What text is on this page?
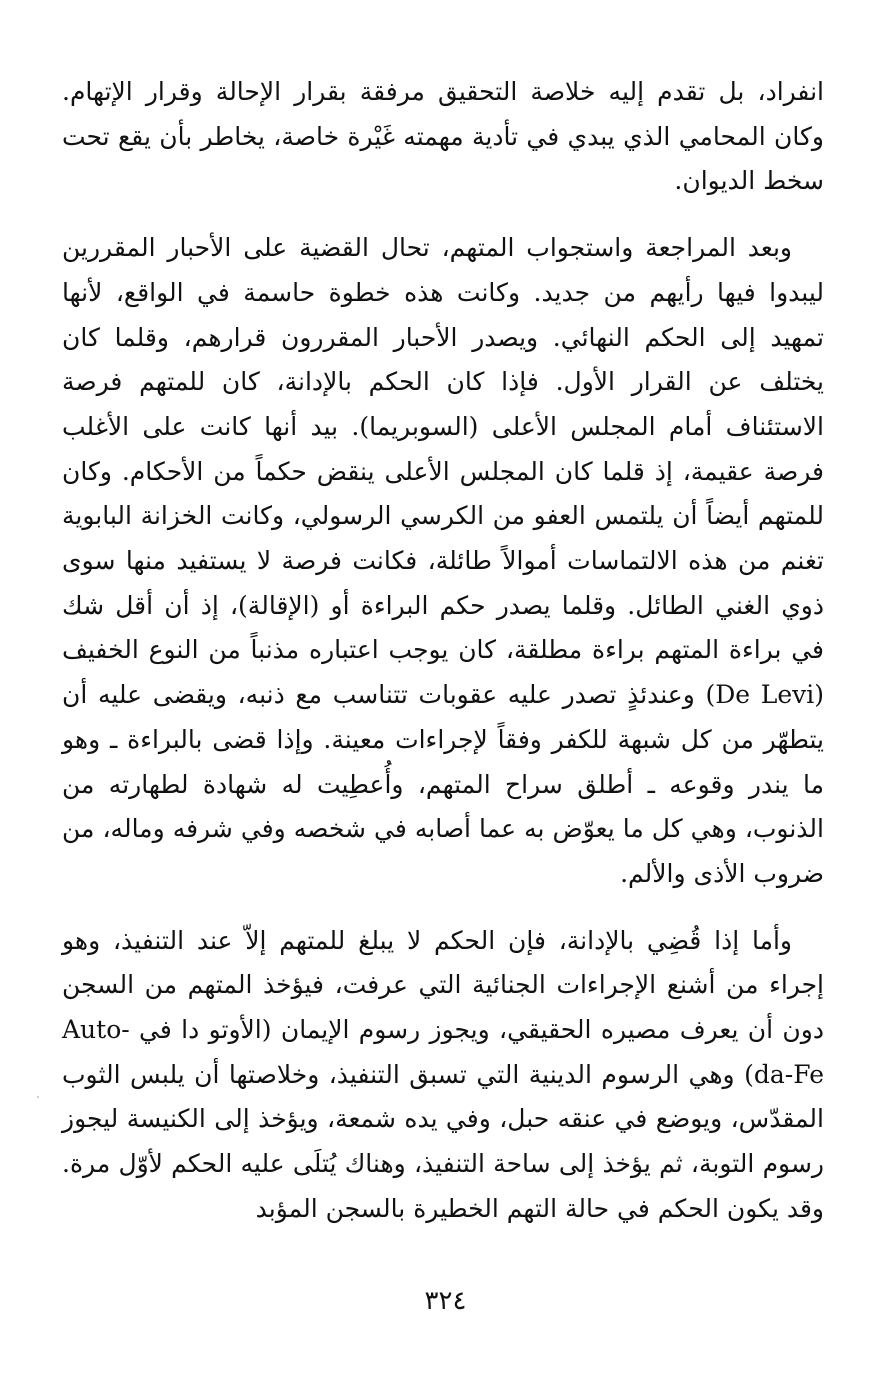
انفراد، بل تقدم إليه خلاصة التحقيق مرفقة بقرار الإحالة وقرار الإتهام. وكان المحامي الذي يبدي في تأدية مهمته غَيْرة خاصة، يخاطر بأن يقع تحت سخط الديوان.

وبعد المراجعة واستجواب المتهم، تحال القضية على الأحبار المقررين ليبدوا فيها رأيهم من جديد. وكانت هذه خطوة حاسمة في الواقع، لأنها تمهيد إلى الحكم النهائي. ويصدر الأحبار المقررون قرارهم، وقلما كان يختلف عن القرار الأول. فإذا كان الحكم بالإدانة، كان للمتهم فرصة الاستئناف أمام المجلس الأعلى (السوبريما). بيد أنها كانت على الأغلب فرصة عقيمة، إذ قلما كان المجلس الأعلى ينقض حكماً من الأحكام. وكان للمتهم أيضاً أن يلتمس العفو من الكرسي الرسولي، وكانت الخزانة البابوية تغنم من هذه الالتماسات أموالاً طائلة، فكانت فرصة لا يستفيد منها سوى ذوي الغني الطائل. وقلما يصدر حكم البراءة أو (الإقالة)، إذ أن أقل شك في براءة المتهم براءة مطلقة، كان يوجب اعتباره مذنباً من النوع الخفيف (De Levi) وعندئذٍ تصدر عليه عقوبات تتناسب مع ذنبه، ويقضى عليه أن يتطهّر من كل شبهة للكفر وفقاً لإجراءات معينة. وإذا قضى بالبراءة ـ وهو ما يندر وقوعه ـ أطلق سراح المتهم، وأُعطِيت له شهادة لطهارته من الذنوب، وهي كل ما يعوّض به عما أصابه في شخصه وفي شرفه وماله، من ضروب الأذى والألم.

وأما إذا قُضِي بالإدانة، فإن الحكم لا يبلغ للمتهم إلاّ عند التنفيذ، وهو إجراء من أشنع الإجراءات الجنائية التي عرفت، فيؤخذ المتهم من السجن دون أن يعرف مصيره الحقيقي، ويجوز رسوم الإيمان (الأوتو دا في Auto-da-Fe) وهي الرسوم الدينية التي تسبق التنفيذ، وخلاصتها أن يلبس الثوب المقدّس، ويوضع في عنقه حبل، وفي يده شمعة، ويؤخذ إلى الكنيسة ليجوز رسوم التوبة، ثم يؤخذ إلى ساحة التنفيذ، وهناك يُتلَى عليه الحكم لأوّل مرة. وقد يكون الحكم في حالة التهم الخطيرة بالسجن المؤبد

٣٢٤
